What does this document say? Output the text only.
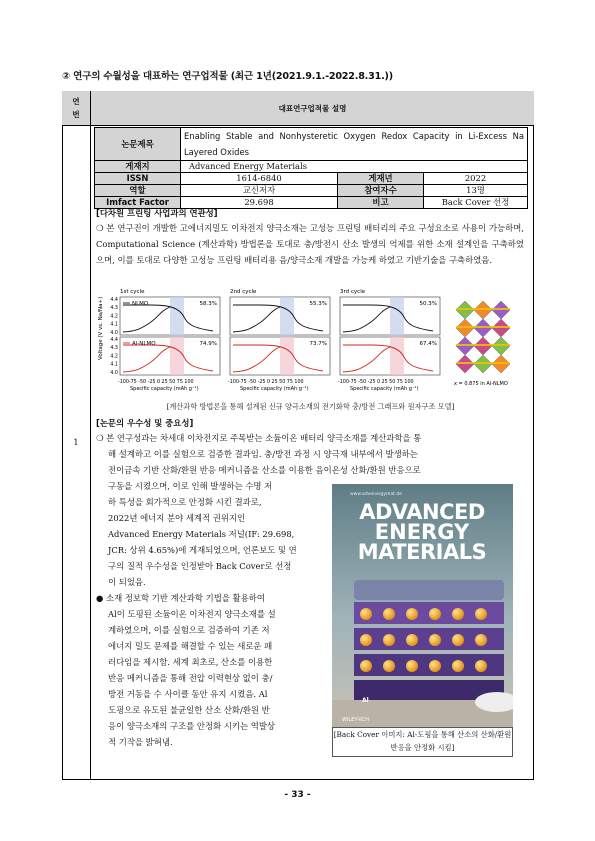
② 연구의 수월성을 대표하는 연구업적물 (최근 1년(2021.9.1.-2022.8.31.))
연번
대표연구업적물 설명
1
논문제목	Enabling Stable and Nonhysteretic Oxygen Redox Capacity in Li-Excess Na Layered Oxides		
게재지	Advanced Energy Materials		
ISSN	1614-6840	게재년	2022
역할	교신저자	참여자수	13명
Imfact Factor	29.698	비고	Back Cover 선정
[다차원 프린팅 사업과의 연관성]
❍ 본 연구진이 개발한 고에너지밀도 이차전지 양극소재는 고성능 프린팅 배터리의 주요 구성요소로 사용이 가능하며, Computational Science (계산과학) 방법론을 토대로 충/방전시 산소 발생의 억제를 위한 소재 설계인을 구축하였으며, 이를 토대로 다양한 고성능 프린팅 배터리용 음/양극소재 개발을 가능케 하였고 기반기술을 구축하였음.
Voltage (V vs. Na/Na+)
1st cycle
58.3%
NLMO
4.4
4.3
4.2
4.1
4.0
74.9%
Al-NLMO
4.4
4.3
4.2
4.1
4.0
-100-75 -50 -25 0 25 50 75 100
Specific capacity (mAh g⁻¹)
2nd cycle
55.3%
73.7%
-100-75 -50 -25 0 25 50 75 100
Specific capacity (mAh g⁻¹)
3rd cycle
50.3%
67.4%
-100-75 -50 -25 0 25 50 75 100
Specific capacity (mAh g⁻¹)
x = 0.875 in Al-NLMO
[계산과학 방법론을 통해 설계된 신규 양극소재의 전기화학 충/방전 그래프와 원자구조 모델]
[논문의 우수성 및 중요성]
❍ 본 연구성과는 차세대 이차전지로 주목받는 소듐이온 배터리 양극소재를 계산과학을 통
해 설계하고 이를 실험으로 검증한 결과임. 충/방전 과정 시 양극재 내부에서 발생하는
전이금속 기반 산화/환원 반응 메커니즘을 산소를 이용한 음이온성 산화/환원 반응으로
구동을 시켰으며, 이로 인해 발생하는 수명 저
하 특성을 회가적으로 안정화 시킨 결과로,
2022년 에너지 분야 세계적 권위지인
Advanced Energy Materials 저널(IF: 29.698,
JCR: 상위 4.65%)에 게재되었으며, 언론보도 및 연
구의 질적 우수성을 인정받아 Back Cover로 선정
이 되었음.
● 소재 정보학 기반 계산과학 기법을 활용하여
Al이 도핑된 소듐이온 이차전지 양극소재를 설
계하였으며, 이를 실험으로 검증하여 기존 저
에너지 밀도 문제를 해결할 수 있는 새로운 패
러다임을 제시함. 세계 최초로, 산소를 이용한
반응 메커니즘을 통해 전압 이력현상 없이 충/
방전 거동을 수 사이클 동안 유지 시켰음. Al
도핑으로 유도된 불균일한 산소 산화/환원 반
응이 양극소재의 구조를 안정화 시키는 역발상
적 기작을 밝혀냄.
www.advenergymat.de
ADVANCED
ENERGY
MATERIALS
Al
WILEY-VCH
[Back Cover 이미지: Al-도핑을 통해 산소의 산화/환원 반응을 안정화 시킴]
- 33 -
